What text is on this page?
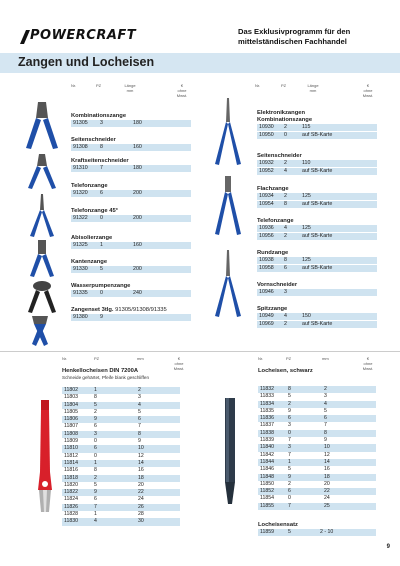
POWERCRAFT	Das Exklusivprogramm für den
mittelständischen Fachhandel
Zangen und Locheisen
Nr.	PZ	Länge
mm
€
ohne Mwst.
Nr.	PZ	Länge
mm
€
ohne Mwst.
Kombinationszange
91305 3	180
Seitenschneider
91308 8	160
Kraftseitenschneider
91310 7	180
Telefonzange
91320 6	200
Telefonzange 45°
91322 0	200
Abisolierzange
91325 1	160
Kantenzange
91330 5	200
Wasserpumpenzange
91335 0	240
Zangenset 3tlg. 91305/91308/91335
91380 9
Elektronikzangen
Kombinationszange
10930 2	115
10950 0	auf SB-Karte
Seitenschneider
10932 2	110
10952 4	auf SB-Karte
Flachzange
10934 2	125
10954 8	auf SB-Karte
Telefonzange
10936 4	125
10956 2	auf SB-Karte
Rundzange
10938 8	125
10958 6	auf SB-Karte
Vornschneider
10946 3
Spitzzange
10949 4	150
10969 2	auf SB-Karte
Nr.	PZ	mm	€
ohne Mwst.
Nr.	PZ	mm	€
ohne Mwst.
Henkellocheisen DIN 7200A
Schneide gehärtet, Pfeife blank geschliffen
11802	1	2
11803	8	3
11804	5	4
11805	2	5
11806	9	6
11807	6	7
11808	3	8
11809	0	9
11810	6	10
11812	0	12
11814	1	14
11816	8	16
11818	2	18
11820	5	20
11822	9	22
11824	6	24
11826	7	26
11828	1	28
11830	4	30
Locheisen, schwarz
11832	8	2
11833	5	3
11834	2	4
11835	9	5
11836	6	6
11837	3	7
11838	0	8
11839	7	9
11840	3	10
11842	7	12
11844	1	14
11846	5	16
11848	9	18
11850	2	20
11852	6	22
11854	0	24
11855	7	25
Locheisensatz
11859	5	2 - 10
9
